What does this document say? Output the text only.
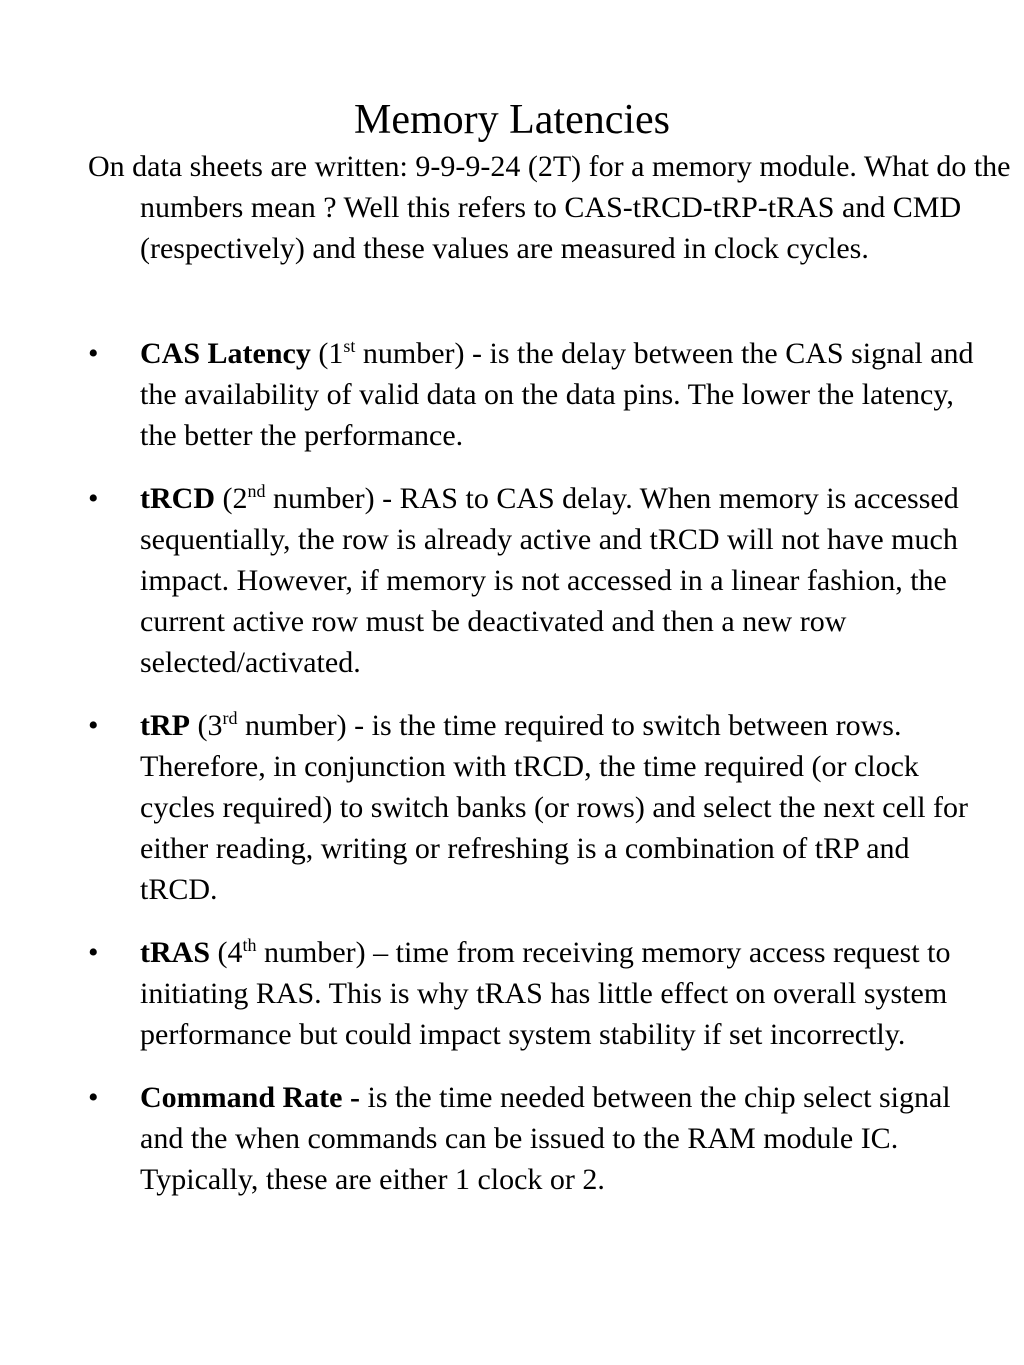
Memory Latencies

On data sheets are written: 9-9-9-24 (2T) for a memory module. What do the numbers mean ? Well this refers to CAS-tRCD-tRP-tRAS and CMD (respectively) and these values are measured in clock cycles.

•	CAS Latency (1st number) - is the delay between the CAS signal and the availability of valid data on the data pins. The lower the latency, the better the performance.
•	tRCD (2nd number) - RAS to CAS delay. When memory is accessed sequentially, the row is already active and tRCD will not have much impact. However, if memory is not accessed in a linear fashion, the current active row must be deactivated and then a new row selected/activated.
•	tRP (3rd number) - is the time required to switch between rows. Therefore, in conjunction with tRCD, the time required (or clock cycles required) to switch banks (or rows) and select the next cell for either reading, writing or refreshing is a combination of tRP and tRCD.
•	tRAS (4th number) – time from receiving memory access request to initiating RAS. This is why tRAS has little effect on overall system performance but could impact system stability if set incorrectly.
•	Command Rate - is the time needed between the chip select signal and the when commands can be issued to the RAM module IC. Typically, these are either 1 clock or 2.
